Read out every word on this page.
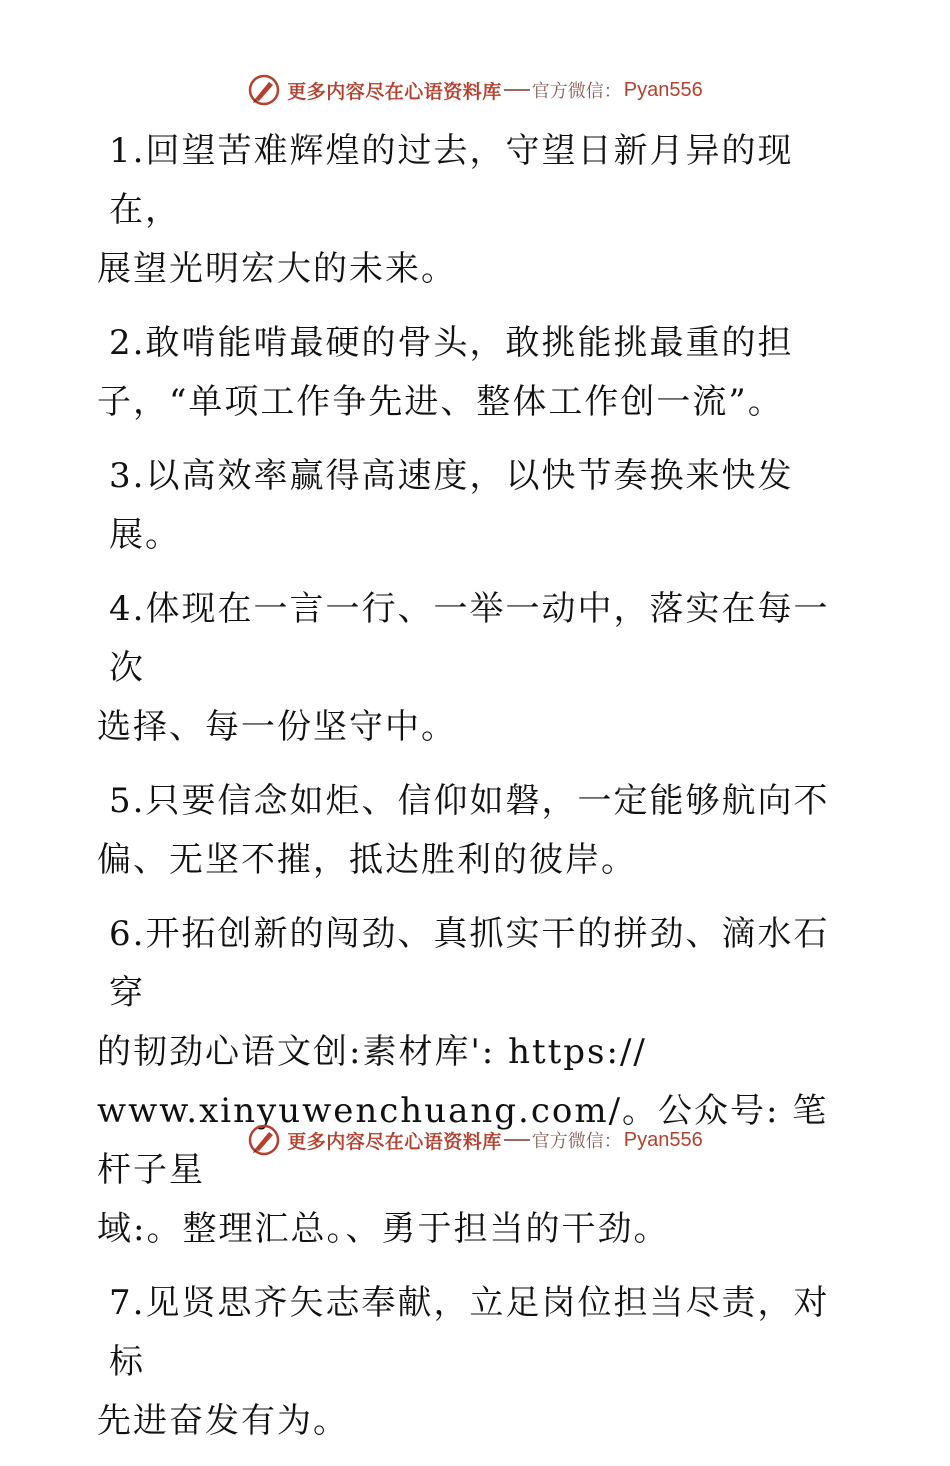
更多内容尽在心语资料库 官方微信： Pyan556

1.回望苦难辉煌的过去，守望日新月异的现在，
展望光明宏大的未来。

2.敢啃能啃最硬的骨头，敢挑能挑最重的担
子，“单项工作争先进、整体工作创一流”。

3.以高效率赢得高速度，以快节奏换来快发展。

4.体现在一言一行、一举一动中，落实在每一次
选择、每一份坚守中。

5.只要信念如炬、信仰如磐，一定能够航向不
偏、无坚不摧，抵达胜利的彼岸。

6.开拓创新的闯劲、真抓实干的拼劲、滴水石穿
的韧劲心语文创:素材库': https://
www.xinyuwenchuang.com/。公众号: 笔杆子星
域:。整理汇总。、勇于担当的干劲。

7.见贤思齐矢志奉献，立足岗位担当尽责，对标
先进奋发有为。

更多内容尽在心语资料库 官方微信： Pyan556
